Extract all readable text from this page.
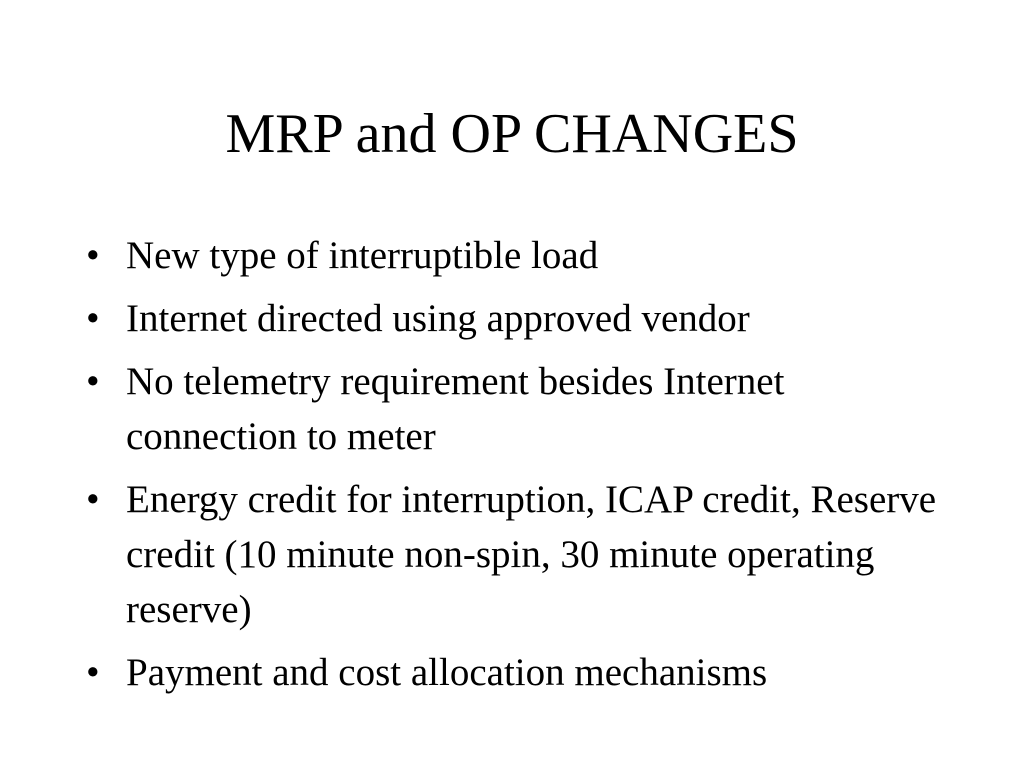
MRP and OP CHANGES
• New type of interruptible load
• Internet directed using approved vendor
• No telemetry requirement besides Internet connection to meter
• Energy credit for interruption, ICAP credit, Reserve credit (10 minute non-spin, 30 minute operating reserve)
• Payment and cost allocation mechanisms
